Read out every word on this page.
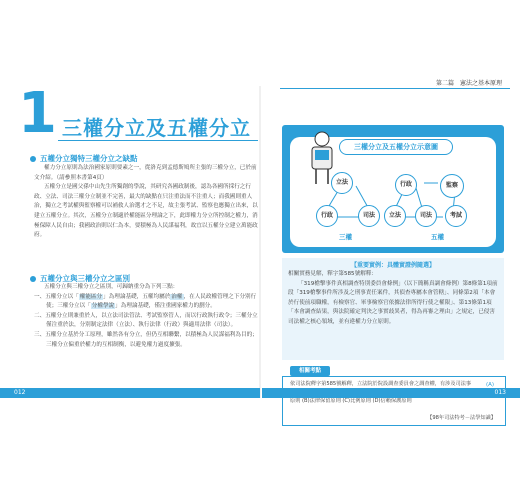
第二篇　憲法之基本原理
1 三權分立及五權分立
五權分立獨特三權分立之缺點

權力分立原則為法治國家原則要素之一，從洛克到孟德斯鳩所主張的三權分立，已於前文介紹。（請參照本書第4頁）

五權分立是國父孫中山先生所獨創的學說，其研究各國政制後，認為各國所採行之行政、立法、司法三權分立制並不完善，最大的缺點在只注重法而不注重人；而我國則重人治，獨立之考試權與監察權可以補救人治選才之不足，故主張考試、監察也應獨立出來，以建立五權分立。其次，五權分立制適於權能區分理論之下，此即權力分立所控制之權力，消極保障人民自由；我國政治則以仁為本，要積極為人民謀福利，故宜以五權分立建立萬能政府。

五權分立與三權分立之區別

五權分立與三權分立之區別，可歸納重分為下列三點：

一、五權分立以「權能區分」為理論基礎，五權均屬於治權，在人民政權管理之下分別行使；三權分立以「分權學說」為理論基礎，僅注重國家權力的劃分。

二、五權分立則兼重於人，以立法司法管法、考試監察管人，而以行政執行政令；三權分立僅注重於法，分別制定法律（立法）、執行法律（行政）與適用法律（司法）。

三、五權分立基於分工原理，雖然各有分立，但仍互相聯繫，以積極為人民謀福利為目的；三權分立偏重於權力的互相制衡，以避免權力過度擴張。

三權分立及五權分立示意圖
立法
行政	司法
三權
行政	監察
立法	司法	考試
五權
【重要實例：具體實證例隨選】

相關實務見解，釋字第585號解釋：

「319槍擊事件真相調查特別委員會條例」（以下簡稱真調會條例）第8條第1項前段「319槍擊事件所涉及之刑事責任案件，其偵查專屬本會管轄」、同條第2項「本會於行使前項職權，有檢察官、軍事檢察官依據法律所得行使之權限」、第13條第1項「本會調查結果，與法院確定判決之事實歧異者，得為再審之理由」之規定，已侵害司法權之核心領域，並有違權力分立原則。

相關考點

依司法院釋字第585號解釋，立法院於院設調查委員會之調查權，有涉及司法事 原則 (B)法律保留原則 (C)比例原則 (D)信賴保護原則

(A)
【98年司法特考－法學知識】
012	013
